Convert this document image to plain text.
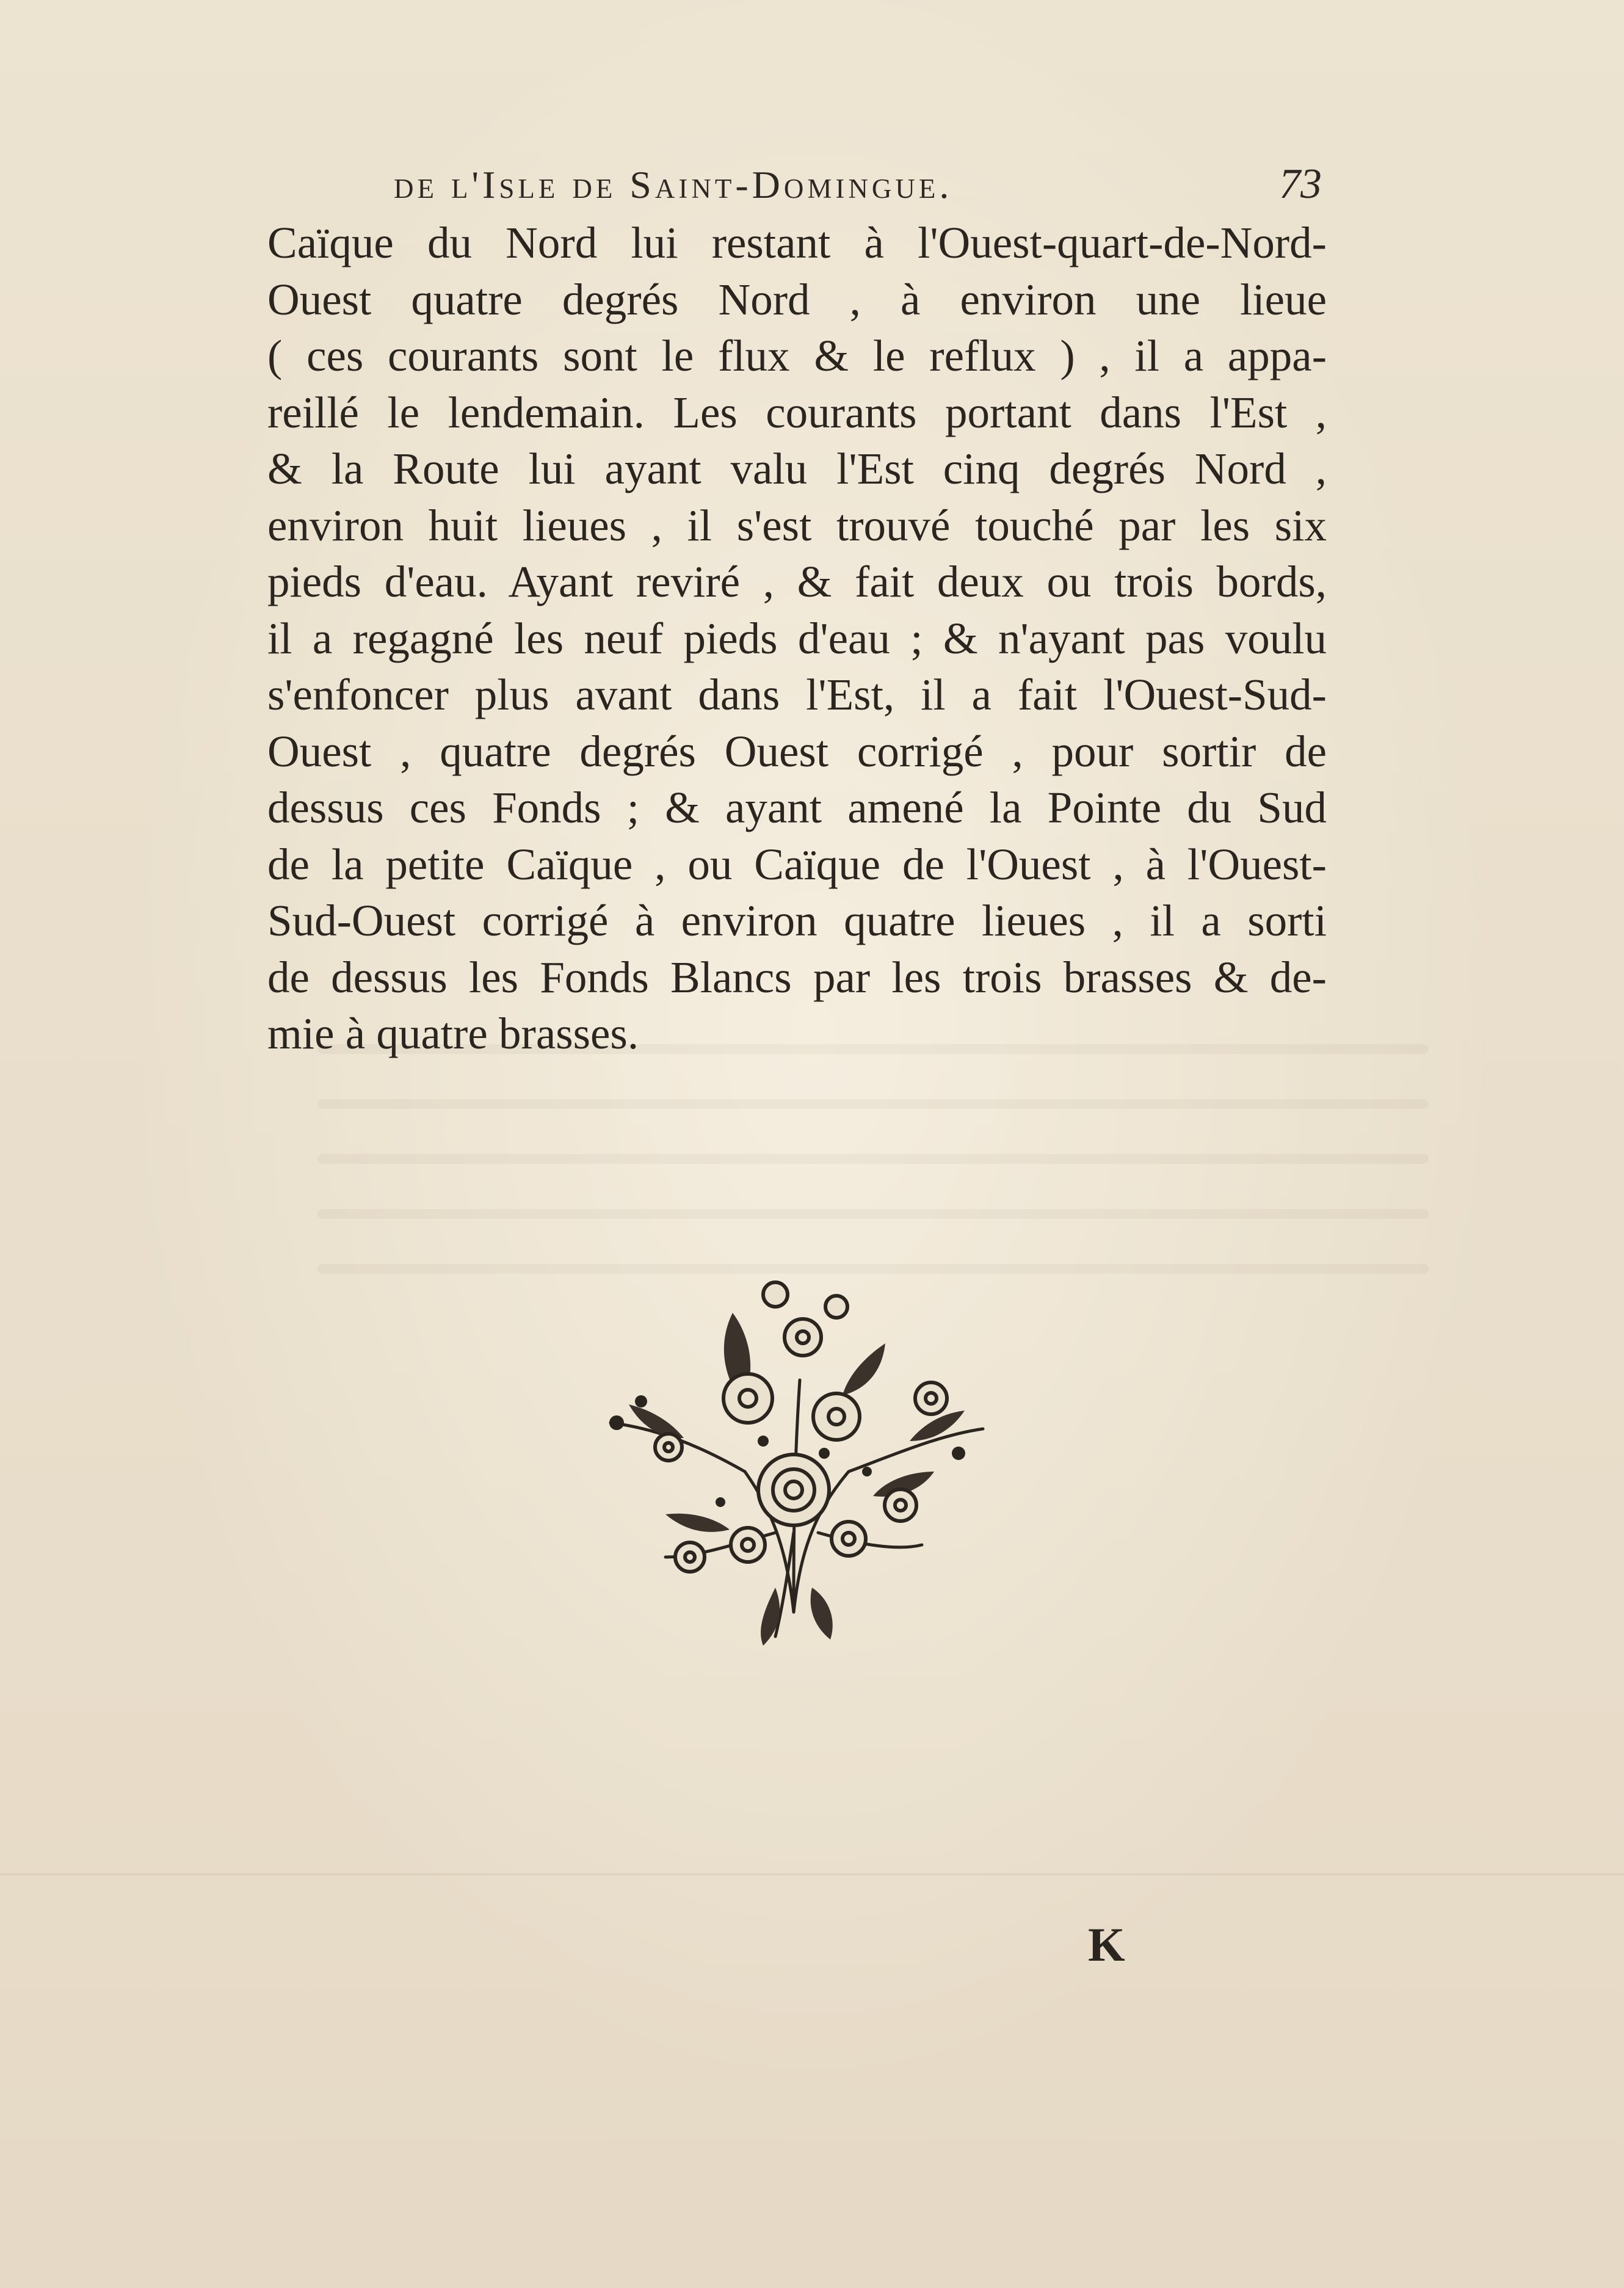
de l'Isle de Saint-Domingue.	73
Caïque du Nord lui restant à l'Ouest-quart-de-Nord-
Ouest quatre degrés Nord , à environ une lieue
( ces courants sont le flux & le reflux ) , il a appa-
reillé le lendemain. Les courants portant dans l'Est ,
& la Route lui ayant valu l'Est cinq degrés Nord ,
environ huit lieues , il s'est trouvé touché par les six
pieds d'eau. Ayant reviré , & fait deux ou trois bords,
il a regagné les neuf pieds d'eau ; & n'ayant pas voulu
s'enfoncer plus avant dans l'Est, il a fait l'Ouest-Sud-
Ouest , quatre degrés Ouest corrigé , pour sortir de
dessus ces Fonds ; & ayant amené la Pointe du Sud
de la petite Caïque , ou Caïque de l'Ouest , à l'Ouest-
Sud-Ouest corrigé à environ quatre lieues , il a sorti
de dessus les Fonds Blancs par les trois brasses & de-
mie à quatre brasses.
K
